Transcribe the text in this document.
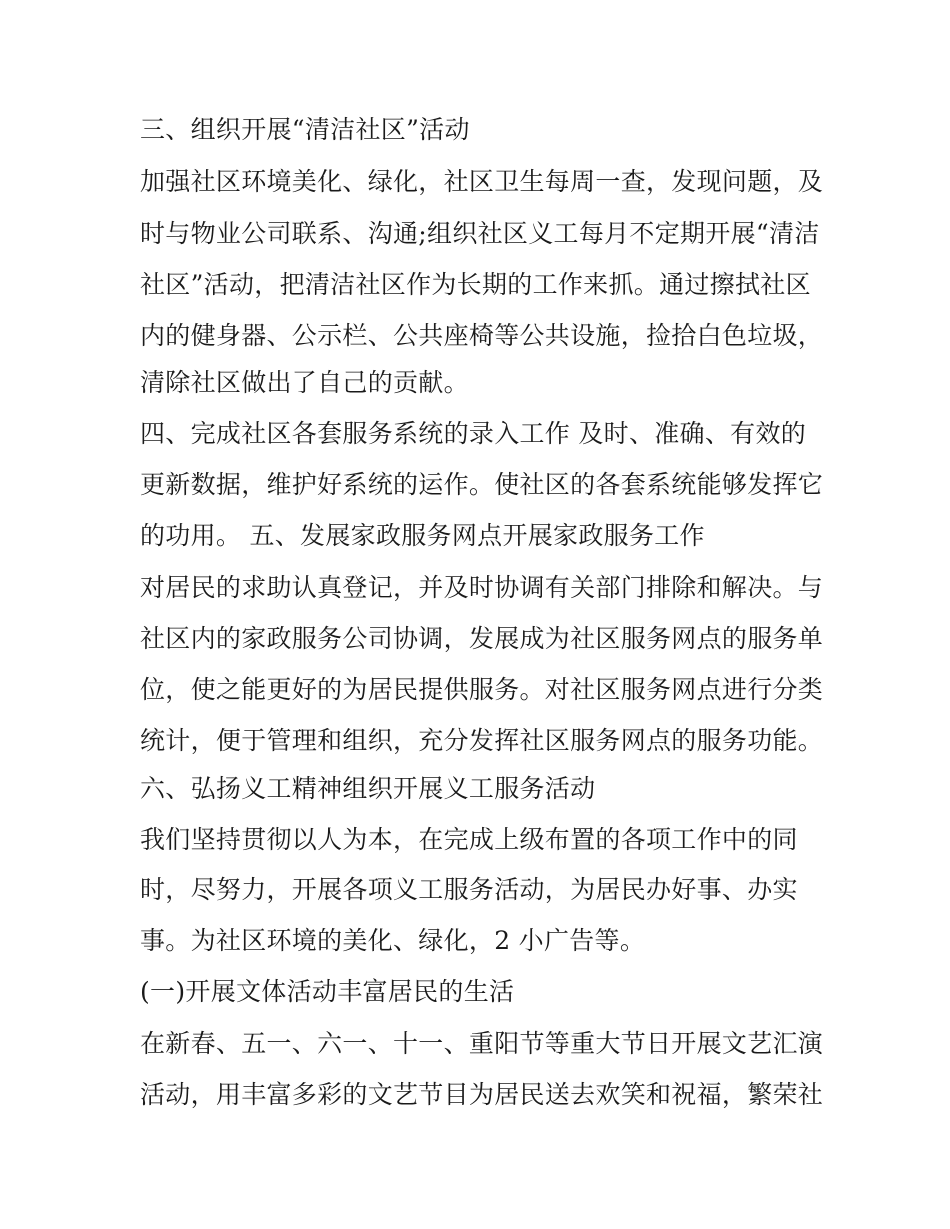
三、组织开展“清洁社区”活动
加强社区环境美化、绿化，社区卫生每周一查，发现问题，及
时与物业公司联系、沟通;组织社区义工每月不定期开展“清洁
社区”活动，把清洁社区作为长期的工作来抓。通过擦拭社区
内的健身器、公示栏、公共座椅等公共设施，捡拾白色垃圾，
清除社区做出了自己的贡献。
四、完成社区各套服务系统的录入工作 及时、准确、有效的
更新数据，维护好系统的运作。使社区的各套系统能够发挥它
的功用。 五、发展家政服务网点开展家政服务工作
对居民的求助认真登记，并及时协调有关部门排除和解决。与
社区内的家政服务公司协调，发展成为社区服务网点的服务单
位，使之能更好的为居民提供服务。对社区服务网点进行分类
统计，便于管理和组织，充分发挥社区服务网点的服务功能。
六、弘扬义工精神组织开展义工服务活动
我们坚持贯彻以人为本，在完成上级布置的各项工作中的同
时，尽努力，开展各项义工服务活动，为居民办好事、办实
事。为社区环境的美化、绿化，2 小广告等。
(一)开展文体活动丰富居民的生活
在新春、五一、六一、十一、重阳节等重大节日开展文艺汇演
活动，用丰富多彩的文艺节目为居民送去欢笑和祝福，繁荣社
